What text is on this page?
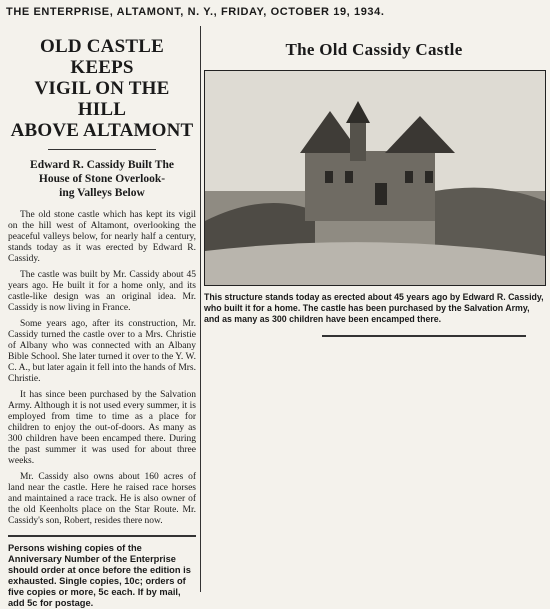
THE ENTERPRISE, ALTAMONT, N. Y., FRIDAY, OCTOBER 19, 1934.
OLD CASTLE KEEPS
VIGIL ON THE HILL
ABOVE ALTAMONT
Edward R. Cassidy Built The
House of Stone Overlook-
ing Valleys Below

The old stone castle which has kept its vigil on the hill west of Altamont, overlooking the peaceful valleys below, for nearly half a century, stands today as it was erected by Edward R. Cassidy.

The castle was built by Mr. Cassidy about 45 years ago. He built it for a home only, and its castle-like design was an original idea. Mr. Cassidy is now living in France.

Some years ago, after its construction, Mr. Cassidy turned the castle over to a Mrs. Christie of Albany who was connected with an Albany Bible School. She later turned it over to the Y. W. C. A., but later again it fell into the hands of Mrs. Christie.

It has since been purchased by the Salvation Army. Although it is not used every summer, it is employed from time to time as a place for children to enjoy the out-of-doors. As many as 300 children have been encamped there. During the past summer it was used for about three weeks.

Mr. Cassidy also owns about 160 acres of land near the castle. Here he raised race horses and maintained a race track. He is also owner of the old Keenholts place on the Star Route. Mr. Cassidy's son, Robert, resides there now.

Persons wishing copies of the Anniversary Number of the Enterprise should order at once before the edition is exhausted. Single copies, 10c; orders of five copies or more, 5c each. If by mail, add 5c for postage.
The Old Cassidy Castle
This structure stands today as erected about 45 years ago by Edward R. Cassidy, who built it for a home. The castle has been purchased by the Salvation Army, and as many as 300 children have been encamped there.
